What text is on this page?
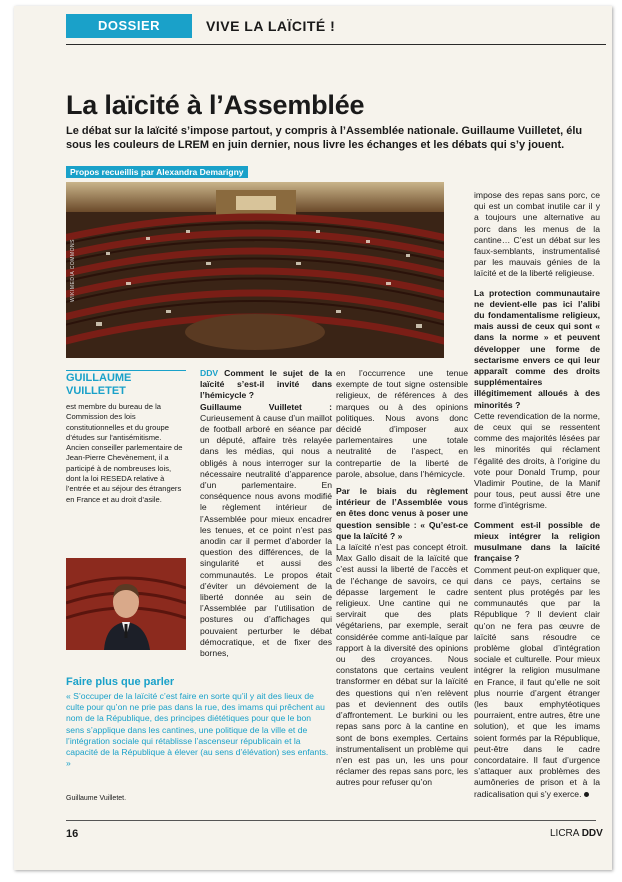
DOSSIER	VIVE LA LAÏCITÉ !
La laïcité à l’Assemblée

Le débat sur la laïcité s’impose partout, y compris à l’Assemblée nationale. Guillaume Vuilletet, élu sous les couleurs de LREM en juin dernier, nous livre les échanges et les débats qui s’y jouent.

Propos recueillis par Alexandra Demarigny
WIKIMEDIA COMMONS
GUILLAUME
VUILLETET

est membre du bureau de la Commission des lois constitutionnelles et du groupe d’études sur l’antisémitisme. Ancien conseiller parlementaire de Jean-Pierre Chevènement, il a participé à de nombreuses lois, dont la loi RESEDA relative à l’entrée et au séjour des étrangers en France et au droit d’asile.

DDV Comment le sujet de la laïcité s’est-il invité dans l’hémicycle ?

Guillaume Vuilletet : Curieusement à cause d’un maillot de football arboré en séance par un député, affaire très relayée dans les médias, qui nous a obligés à nous interroger sur la nécessaire neutralité d’apparence d’un parlementaire. En conséquence nous avons modifié le règlement intérieur de l’Assemblée pour mieux encadrer les tenues, et ce point n’est pas anodin car il permet d’aborder la question des différences, de la singularité et aussi des communautés. Le propos était d’éviter un dévoiement de la liberté donnée au sein de l’Assemblée par l’utilisation de postures ou d’affichages qui pouvaient perturber le débat démocratique, et de fixer des bornes,

en l’occurrence une tenue exempte de tout signe ostensible religieux, de références à des marques ou à des opinions politiques. Nous avons donc décidé d’imposer aux parlementaires une totale neutralité de l’aspect, en contrepartie de la liberté de parole, absolue, dans l’hémicycle.

Par le biais du règlement intérieur de l’Assemblée vous en êtes donc venus à poser une question sensible : « Qu’est-ce que la laïcité ? »

La laïcité n’est pas concept étroit. Max Gallo disait de la laïcité que c’est aussi la liberté de l’accès et de l’échange de savoirs, ce qui dépasse largement le cadre religieux. Une cantine qui ne servirait que des plats végétariens, par exemple, serait considérée comme anti-laïque par rapport à la diversité des opinions ou des croyances. Nous constatons que certains veulent transformer en débat sur la laïcité des questions qui n’en relèvent pas et deviennent des outils d’affrontement. Le burkini ou les repas sans porc à la cantine en sont de bons exemples. Certains instrumentalisent un problème qui n’en est pas un, les uns pour réclamer des repas sans porc, les autres pour refuser qu’on

impose des repas sans porc, ce qui est un combat inutile car il y a toujours une alternative au porc dans les menus de la cantine… C’est un débat sur les faux-semblants, instrumentalisé par les mauvais génies de la laïcité et de la liberté religieuse.

La protection communautaire ne devient-elle pas ici l’alibi du fondamentalisme religieux, mais aussi de ceux qui sont « dans la norme » et peuvent développer une forme de sectarisme envers ce qui leur apparaît comme des droits supplémentaires illégitimement alloués à des minorités ?

Cette revendication de la norme, de ceux qui se ressentent comme des majorités lésées par les minorités qui réclament l’égalité des droits, à l’origine du vote pour Donald Trump, pour Vladimir Poutine, de la Manif pour tous, peut aussi être une forme d’intégrisme.

Comment est-il possible de mieux intégrer la religion musulmane dans la laïcité française ?

Comment peut-on expliquer que, dans ce pays, certains se sentent plus protégés par les communautés que par la République ? Il devient clair qu’on ne fera pas œuvre de laïcité sans résoudre ce problème global d’intégration sociale et culturelle. Pour mieux intégrer la religion musulmane en France, il faut qu’elle ne soit plus nourrie d’argent étranger (les baux emphytéotiques pourraient, entre autres, être une solution), et que les imams soient formés par la République, peut-être dans le cadre concordataire. Il faut d’urgence s’attaquer aux problèmes des aumôneries de prison et à la radicalisation qui s’y exerce.

Faire plus que parler

« S’occuper de la laïcité c’est faire en sorte qu’il y ait des lieux de culte pour qu’on ne prie pas dans la rue, des imams qui prêchent au nom de la République, des principes diététiques pour que le bon sens s’applique dans les cantines, une politique de la ville et de l’intégration sociale qui rétablisse l’ascenseur républicain et la capacité de la République à élever (au sens d’élévation) ses enfants. »

Guillaume Vuilletet.
16	LICRA DDV
